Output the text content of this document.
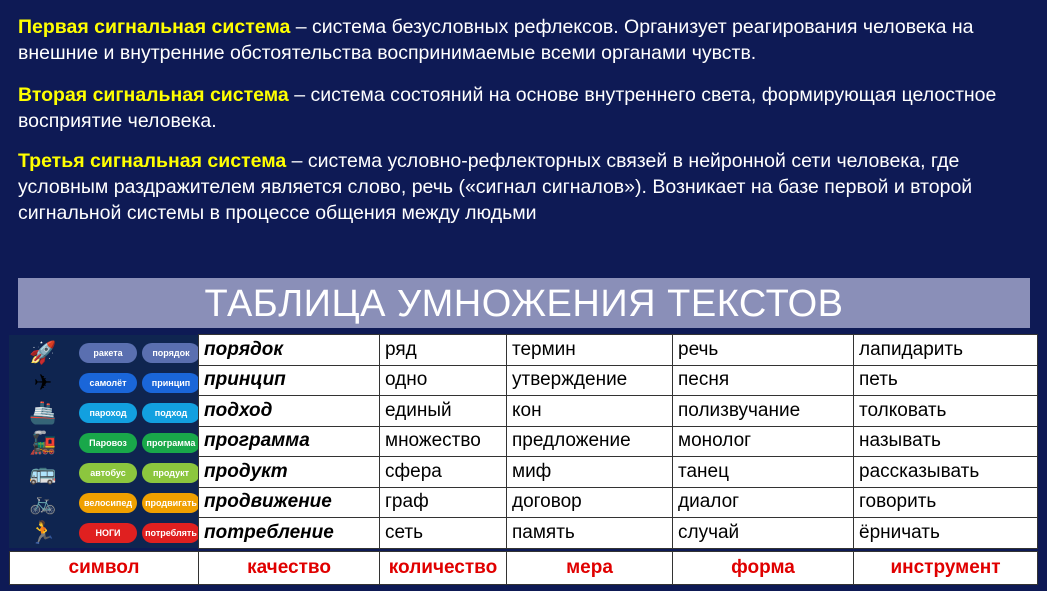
Первая сигнальная система – система безусловных рефлексов. Организует реагирования человека на внешние и внутренние обстоятельства воспринимаемые всеми органами чувств.
Вторая сигнальная система – система состояний на основе внутреннего света, формирующая целостное восприятие человека.
Третья сигнальная система – система условно-рефлекторных связей в нейронной сети человека, где условным раздражителем является слово, речь («сигнал сигналов»). Возникает на базе первой и второй сигнальной системы в процессе общения между людьми
ТАБЛИЦА УМНОЖЕНИЯ ТЕКСТОВ
🚀	ракета	порядок
✈	самолёт	принцип
🚢	пароход	подход
🚂	Паровоз	программа
🚌	автобус	продукт
🚲	велосипед	продвигать
🏃	НОГИ	потреблять
порядок	ряд	термин	речь	лапидарить
принцип	одно	утверждение	песня	петь
подход	единый	кон	полизвучание	толковать
программа	множество	предложение	монолог	называть
продукт	сфера	миф	танец	рассказывать
продвижение	граф	договор	диалог	говорить
потребление	сеть	память	случай	ёрничать
символ	качество	количество	мера	форма	инструмент
